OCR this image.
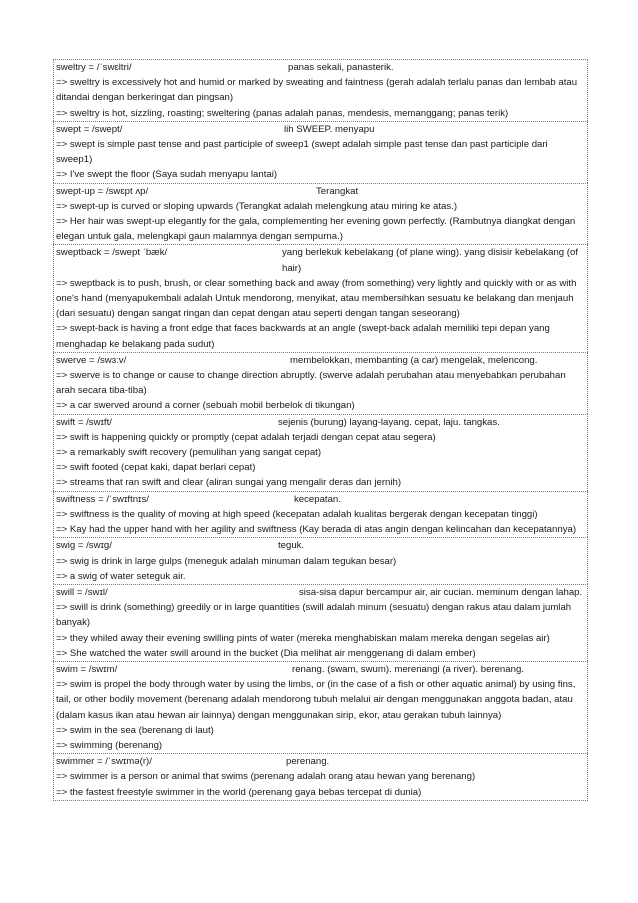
sweltry = /ˈswɛltri/	panas sekali, panasterik.
=> sweltry is excessively hot and humid or marked by sweating and faintness (gerah adalah terlalu panas dan lembab atau ditandai dengan berkeringat dan pingsan)
=> sweltry is hot, sizzling, roasting; sweltering (panas adalah panas, mendesis, memanggang; panas terik)
swept = /swept/	lih SWEEP. menyapu
=> swept is simple past tense and past participle of sweep1 (swept adalah simple past tense dan past participle dari sweep1)
=> I've swept the floor (Saya sudah menyapu lantai)
swept-up = /swɛpt ʌp/	Terangkat
=> swept-up is curved or sloping upwards (Terangkat adalah melengkung atau miring ke atas.)
=> Her hair was swept-up elegantly for the gala, complementing her evening gown perfectly. (Rambutnya diangkat dengan elegan untuk gala, melengkapi gaun malamnya dengan sempurna.)
sweptback = /swept ˈbæk/	yang berlekuk kebelakang (of plane wing). yang disisir kebelakang (of hair)
=> sweptback is to push, brush, or clear something back and away (from something) very lightly and quickly with or as with one's hand (menyapukembali adalah Untuk mendorong, menyikat, atau membersihkan sesuatu ke belakang dan menjauh (dari sesuatu) dengan sangat ringan dan cepat dengan atau seperti dengan tangan seseorang)
=> swept-back is having a front edge that faces backwards at an angle (swept-back adalah memiliki tepi depan yang menghadap ke belakang pada sudut)
swerve = /swɜːv/	membelokkan, membanting (a car) mengelak, melencong.
=> swerve is to change or cause to change direction abruptly. (swerve adalah perubahan atau menyebabkan perubahan arah secara tiba-tiba)
=> a car swerved around a corner (sebuah mobil berbelok di tikungan)
swift = /swɪft/	sejenis (burung) layang-layang. cepat, laju. tangkas.
=> swift is happening quickly or promptly (cepat adalah terjadi dengan cepat atau segera)
=> a remarkably swift recovery (pemulihan yang sangat cepat)
=> swift footed (cepat kaki, dapat berlari cepat)
=> streams that ran swift and clear (aliran sungai yang mengalir deras dan jernih)
swiftness = /ˈswɪftnɪs/	kecepatan.
=> swiftness is the quality of moving at high speed (kecepatan adalah kualitas bergerak dengan kecepatan tinggi)
=> Kay had the upper hand with her agility and swiftness (Kay berada di atas angin dengan kelincahan dan kecepatannya)
swig = /swɪg/	teguk.
=> swig is drink in large gulps (meneguk adalah minuman dalam tegukan besar)
=> a swig of water seteguk air.
swill = /swɪl/	sisa-sisa dapur bercampur air, air cucian. meminum dengan lahap.
=> swill is drink (something) greedily or in large quantities (swill adalah minum (sesuatu) dengan rakus atau dalam jumlah banyak)
=> they whiled away their evening swilling pints of water (mereka menghabiskan malam mereka dengan segelas air)
=> She watched the water swill around in the bucket (Dia melihat air menggenang di dalam ember)
swim = /swɪm/	renang. (swam, swum). merenangi (a river). berenang.
=> swim is propel the body through water by using the limbs, or (in the case of a fish or other aquatic animal) by using fins, tail, or other bodily movement (berenang adalah mendorong tubuh melalui air dengan menggunakan anggota badan, atau (dalam kasus ikan atau hewan air lainnya) dengan menggunakan sirip, ekor, atau gerakan tubuh lainnya)
=> swim in the sea (berenang di laut)
=> swimming (berenang)
swimmer = /ˈswɪmə(r)/	perenang.
=> swimmer is a person or animal that swims (perenang adalah orang atau hewan yang berenang)
=> the fastest freestyle swimmer in the world (perenang gaya bebas tercepat di dunia)
